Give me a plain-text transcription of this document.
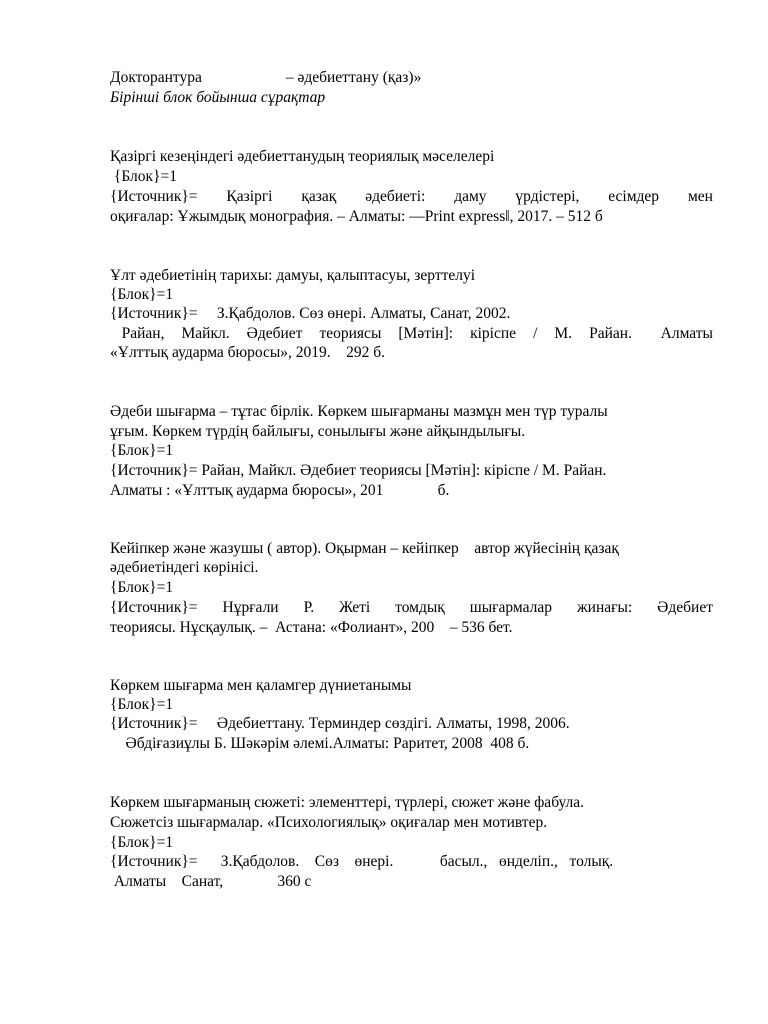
Докторантура	– әдебиеттану (қаз)»
Бірінші блок бойынша сұрақтар
Қазіргі кезеңіндегі әдебиеттанудың теориялық мәселелері
{Блок}=1
{Источник}= Қазіргі қазақ әдебиеті: даму үрдістері, есімдер мен
оқиғалар: Ұжымдық монография. – Алматы: ―Print express‖, 2017. – 512 б
Ұлт әдебиетінің тарихы: дамуы, қалыптасуы, зерттелуі
{Блок}=1
{Источник}=     З.Қабдолов. Сөз өнері. Алматы, Санат, 2002.
Райан, Майкл. Әдебиет теориясы [Мәтін]: кіріспе / М. Райан. Алматы
«Ұлттық аударма бюросы», 2019.    292 б.
Әдеби шығарма – тұтас бірлік. Көркем шығарманы мазмұн мен түр туралы
ұғым. Көркем түрдің байлығы, сонылығы және айқындылығы.
{Блок}=1
{Источник}= Райан, Майкл. Әдебиет теориясы [Мәтін]: кіріспе / М. Райан.
Алматы : «Ұлттық аударма бюросы», 201              б.
Кейіпкер және жазушы ( автор). Оқырман – кейіпкер    автор жүйесінің қазақ
әдебиетіндегі көрінісі.
{Блок}=1
{Источник}= Нұрғали Р. Жеті томдық шығармалар жинағы: Әдебиет
теориясы. Нұсқаулық. –  Астана: «Фолиант», 200    – 536 бет.
Көркем шығарма мен қаламгер дүниетанымы
{Блок}=1
{Источник}=     Әдебиеттану. Терминдер сөздігі. Алматы, 1998, 2006.
Әбдіғазиұлы Б. Шәкәрім әлемі.Алматы: Раритет, 2008  408 б.
Көркем шығарманың сюжеті: элементтері, түрлері, сюжет және фабула.
Сюжетсіз шығармалар. «Психологиялық» оқиғалар мен мотивтер.
{Блок}=1
{Источник}=      З.Қабдолов.    Сөз    өнері.            басыл.,   өнделіп.,   толық.
Алматы    Санат,              360 с
